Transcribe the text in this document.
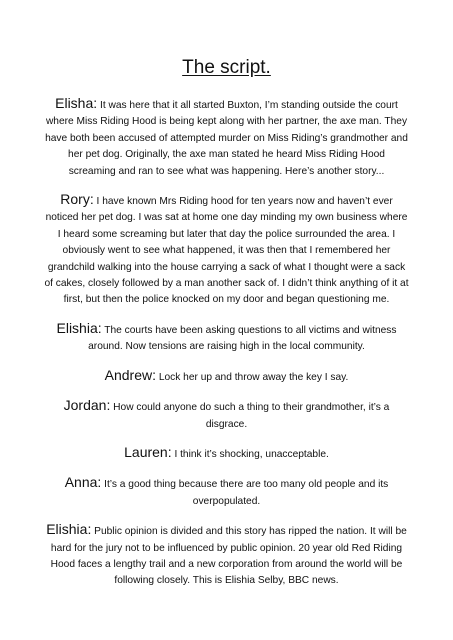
The script.

Elisha: It was here that it all started Buxton, I’m standing outside the court where Miss Riding Hood is being kept along with her partner, the axe man. They have both been accused of attempted murder on Miss Riding’s grandmother and her pet dog. Originally, the axe man stated he heard Miss Riding Hood screaming and ran to see what was happening. Here’s another story...

Rory: I have known Mrs Riding hood for ten years now and haven’t ever noticed her pet dog. I was sat at home one day minding my own business where I heard some screaming but later that day the police surrounded the area. I obviously went to see what happened, it was then that I remembered her grandchild walking into the house carrying a sack of what I thought were a sack of cakes, closely followed by a man another sack of. I didn’t think anything of it at first, but then the police knocked on my door and began questioning me.

Elishia: The courts have been asking questions to all victims and witness around. Now tensions are raising high in the local community.

Andrew: Lock her up and throw away the key I say.

Jordan: How could anyone do such a thing to their grandmother, it’s a disgrace.

Lauren: I think it’s shocking, unacceptable.

Anna: It’s a good thing because there are too many old people and its overpopulated.

Elishia: Public opinion is divided and this story has ripped the nation. It will be hard for the jury not to be influenced by public opinion. 20 year old Red Riding Hood faces a lengthy trail and a new corporation from around the world will be following closely. This is Elishia Selby, BBC news.
